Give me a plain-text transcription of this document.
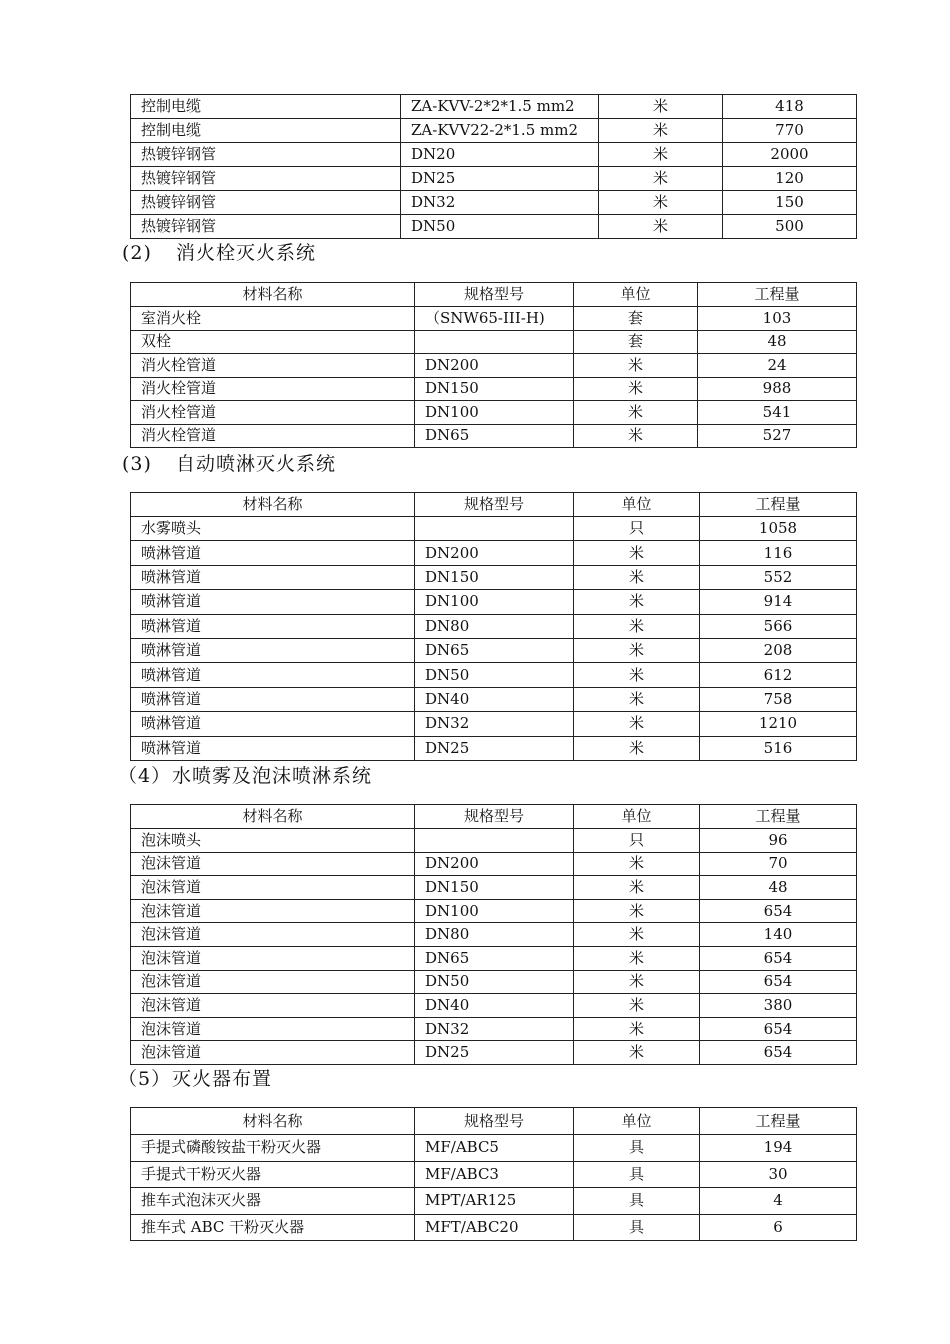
控制电缆	ZA-KVV-2*2*1.5 mm2	米	418
控制电缆	ZA-KVV22-2*1.5 mm2	米	770
热镀锌钢管	DN20	米	2000
热镀锌钢管	DN25	米	120
热镀锌钢管	DN32	米	150
热镀锌钢管	DN50	米	500
(2) 消火栓灭火系统
材料名称	规格型号	单位	工程量
室消火栓	（SNW65-III-H)	套	103
双栓		套	48
消火栓管道	DN200	米	24
消火栓管道	DN150	米	988
消火栓管道	DN100	米	541
消火栓管道	DN65	米	527
(3) 自动喷淋灭火系统
材料名称	规格型号	单位	工程量
水雾喷头		只	1058
喷淋管道	DN200	米	116
喷淋管道	DN150	米	552
喷淋管道	DN100	米	914
喷淋管道	DN80	米	566
喷淋管道	DN65	米	208
喷淋管道	DN50	米	612
喷淋管道	DN40	米	758
喷淋管道	DN32	米	1210
喷淋管道	DN25	米	516
（4）水喷雾及泡沫喷淋系统
材料名称	规格型号	单位	工程量
泡沫喷头		只	96
泡沫管道	DN200	米	70
泡沫管道	DN150	米	48
泡沫管道	DN100	米	654
泡沫管道	DN80	米	140
泡沫管道	DN65	米	654
泡沫管道	DN50	米	654
泡沫管道	DN40	米	380
泡沫管道	DN32	米	654
泡沫管道	DN25	米	654
（5）灭火器布置
材料名称	规格型号	单位	工程量
手提式磷酸铵盐干粉灭火器	MF/ABC5	具	194
手提式干粉灭火器	MF/ABC3	具	30
推车式泡沫灭火器	MPT/AR125	具	4
推车式 ABC 干粉灭火器	MFT/ABC20	具	6
